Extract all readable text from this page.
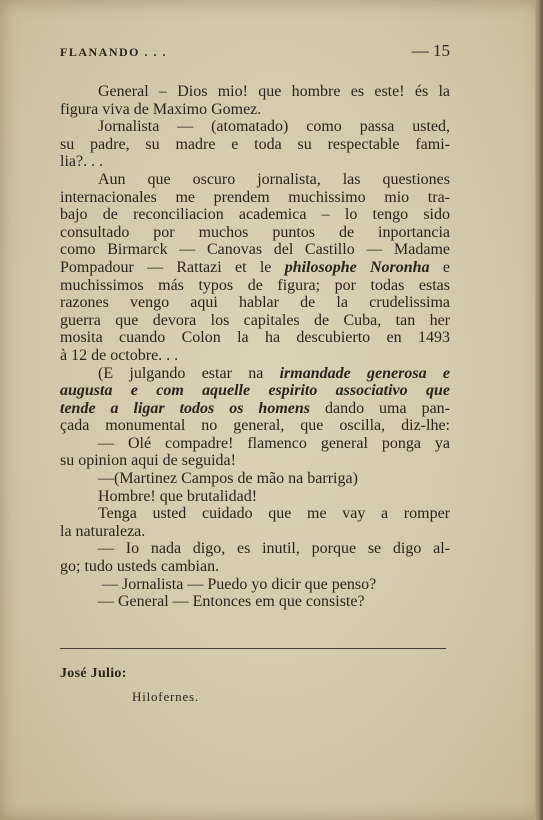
FLANANDO . . .	— 15
General – Dios mio! que hombre es este! és la
figura viva de Maximo Gomez.
Jornalista — (atomatado) como passa usted,
su padre, su madre e toda su respectable fami-
lia?. . .
Aun que oscuro jornalista, las questiones
internacionales me prendem muchissimo mio tra-
bajo de reconciliacion academica – lo tengo sido
consultado por muchos puntos de inportancia
como Birmarck — Canovas del Castillo — Madame
Pompadour — Rattazi et le philosophe Noronha e
muchissimos más typos de figura; por todas estas
razones vengo aqui hablar de la crudelissima
guerra que devora los capitales de Cuba, tan her
mosita cuando Colon la ha descubierto en 1493
à 12 de octobre. . .
(E julgando estar na irmandade generosa e
augusta e com aquelle espirito associativo que
tende a ligar todos os homens dando uma pan-
çada monumental no general, que oscilla, diz-lhe:
— Olé compadre! flamenco general ponga ya
su opinion aqui de seguida!
—(Martinez Campos de mão na barriga)
Hombre! que brutalidad!
Tenga usted cuidado que me vay a romper
la naturaleza.
— Io nada digo, es inutil, porque se digo al-
go; tudo usteds cambian.
— Jornalista — Puedo yo dicir que penso?
— General — Entonces em que consiste?
José Julio:
Hilofernes.
